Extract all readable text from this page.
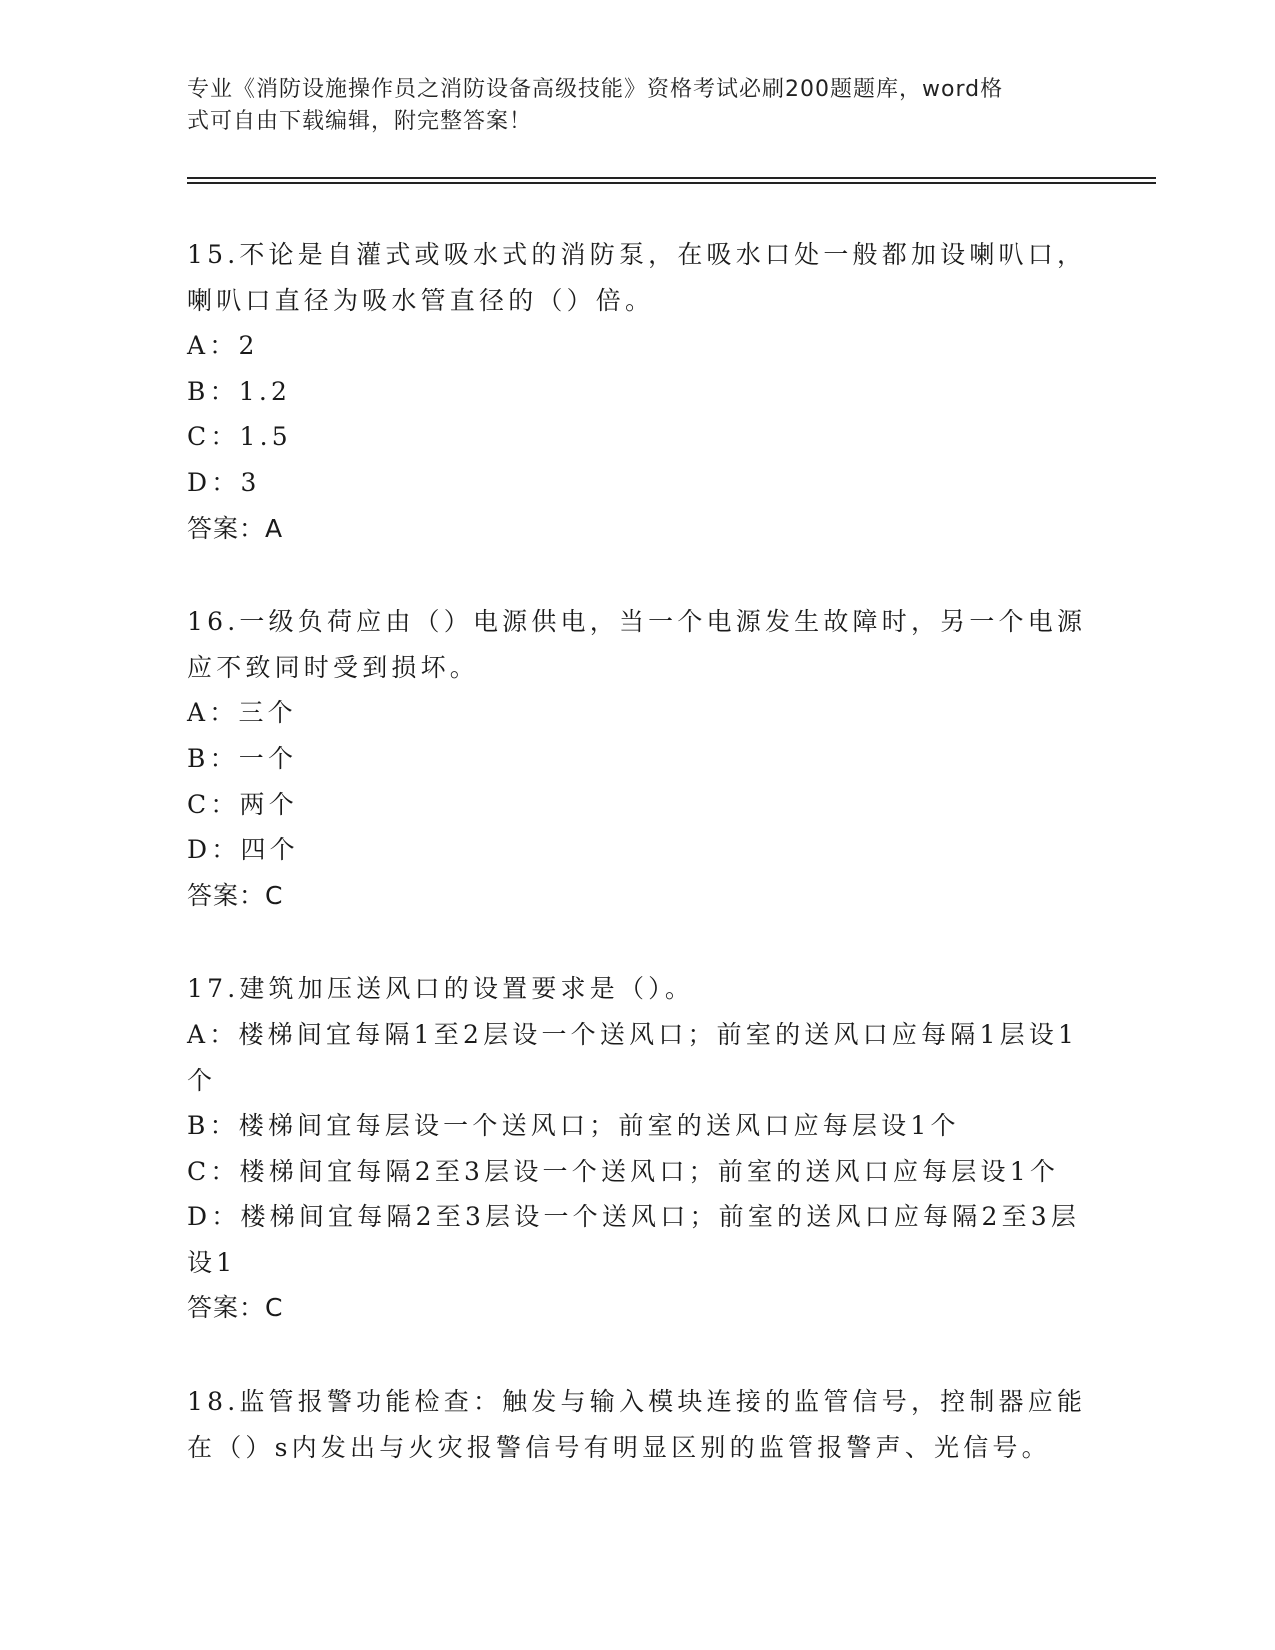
专业《消防设施操作员之消防设备高级技能》资格考试必刷200题题库，word格
式可自由下载编辑，附完整答案！

15.不论是自灌式或吸水式的消防泵，在吸水口处一般都加设喇叭口，喇叭口直径为吸水管直径的（）倍。

A：2

B：1.2

C：1.5

D：3

答案：A

16.一级负荷应由（）电源供电，当一个电源发生故障时，另一个电源应不致同时受到损坏。

A：三个

B：一个

C：两个

D：四个

答案：C

17.建筑加压送风口的设置要求是（）。

A：楼梯间宜每隔1至2层设一个送风口；前室的送风口应每隔1层设1个

B：楼梯间宜每层设一个送风口；前室的送风口应每层设1个

C：楼梯间宜每隔2至3层设一个送风口；前室的送风口应每层设1个

D：楼梯间宜每隔2至3层设一个送风口；前室的送风口应每隔2至3层设1

答案：C

18.监管报警功能检查：触发与输入模块连接的监管信号，控制器应能在（）s内发出与火灾报警信号有明显区别的监管报警声、光信号。
